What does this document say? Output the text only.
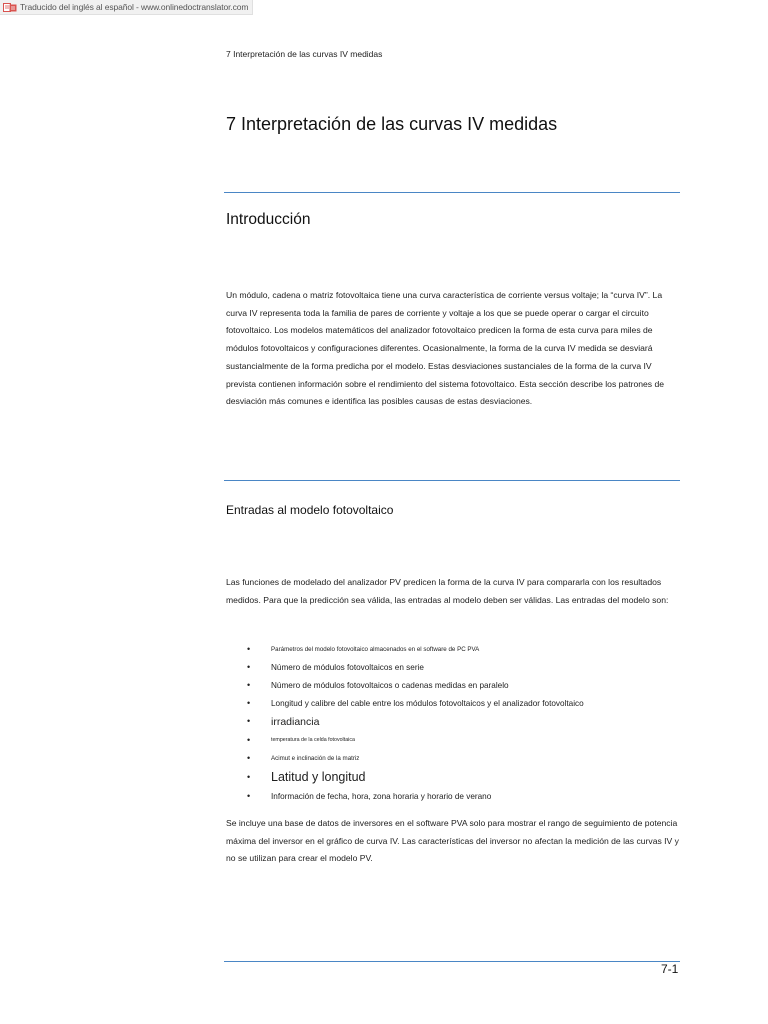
Traducido del inglés al español - www.onlinedoctranslator.com
7 Interpretación de las curvas IV medidas
7 Interpretación de las curvas IV medidas
Introducción

Un módulo, cadena o matriz fotovoltaica tiene una curva característica de corriente versus voltaje; la “curva IV”. La curva IV representa toda la familia de pares de corriente y voltaje a los que se puede operar o cargar el circuito fotovoltaico. Los modelos matemáticos del analizador fotovoltaico predicen la forma de esta curva para miles de módulos fotovoltaicos y configuraciones diferentes. Ocasionalmente, la forma de la curva IV medida se desviará sustancialmente de la forma predicha por el modelo. Estas desviaciones sustanciales de la forma de la curva IV prevista contienen información sobre el rendimiento del sistema fotovoltaico. Esta sección describe los patrones de desviación más comunes e identifica las posibles causas de estas desviaciones.

Entradas al modelo fotovoltaico

Las funciones de modelado del analizador PV predicen la forma de la curva IV para compararla con los resultados medidos. Para que la predicción sea válida, las entradas al modelo deben ser válidas. Las entradas del modelo son:

•	Parámetros del modelo fotovoltaico almacenados en el software de PC PVA
•	Número de módulos fotovoltaicos en serie
•	Número de módulos fotovoltaicos o cadenas medidas en paralelo
•	Longitud y calibre del cable entre los módulos fotovoltaicos y el analizador fotovoltaico
• irradiancia
•	temperatura de la celda fotovoltaica
•	Acimut e inclinación de la matriz
• Latitud y longitud
•	Información de fecha, hora, zona horaria y horario de verano

Se incluye una base de datos de inversores en el software PVA solo para mostrar el rango de seguimiento de potencia máxima del inversor en el gráfico de curva IV. Las características del inversor no afectan la medición de las curvas IV y no se utilizan para crear el modelo PV.

7-1
